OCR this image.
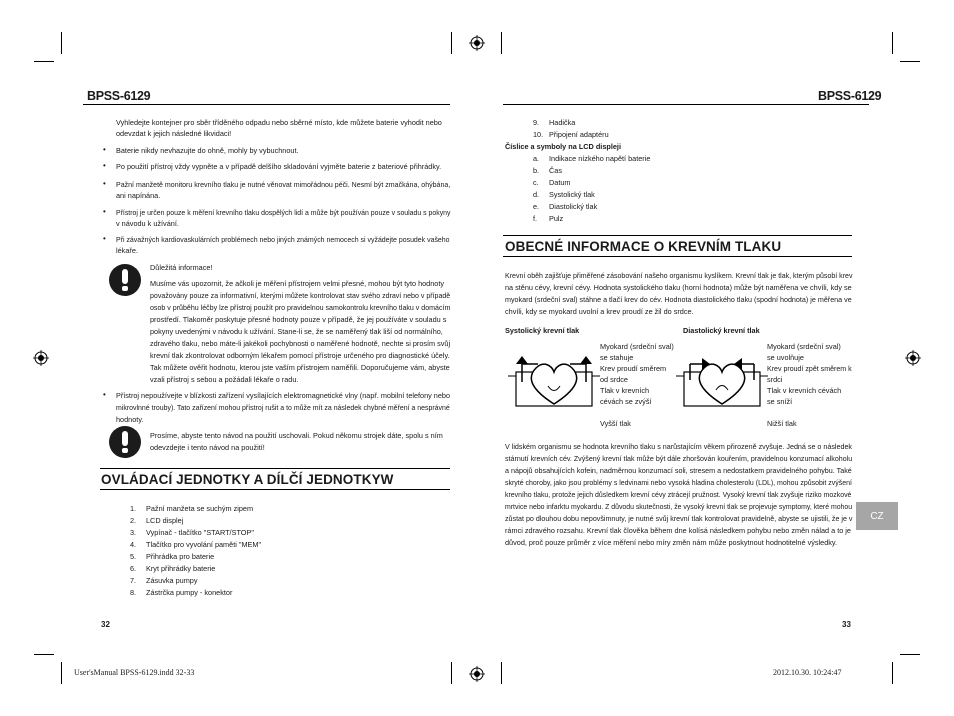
BPSS-6129	BPSS-6129
Vyhledejte kontejner pro sběr tříděného odpadu nebo sběrné místo, kde můžete baterie vyhodit nebo
odevzdat k jejich následné likvidaci!
• Baterie nikdy nevhazujte do ohně, mohly by vybuchnout.
• Po použití přístroj vždy vypněte a v případě delšího skladování vyjměte baterie z bateriové přihrádky.
• Pažní manžetě monitoru krevního tlaku je nutné věnovat mimořádnou péči. Nesmí být zmačkána, ohýbána,
ani napínána.
• Přístroj je určen pouze k měření krevního tlaku dospělých lidí a může být používán pouze v souladu s pokyny
v návodu k užívání.
• Při závažných kardiovaskulárních problémech nebo jiných známých nemocech si vyžádejte posudek vašeho
lékaře.
Důležitá informace!
Musíme vás upozornit, že ačkoli je měření přístrojem velmi přesné, mohou být tyto hodnoty
považovány pouze za informativní, kterými můžete kontrolovat stav svého zdraví nebo v případě
osob v průběhu léčby lze přístroj použít pro pravidelnou samokontrolu krevního tlaku v domácím
prostředí. Tlakoměr poskytuje přesné hodnoty pouze v případě, že jej používáte v souladu s
pokyny uvedenými v návodu k užívání. Stane-li se, že se naměřený tlak liší od normálního,
zdravého tlaku, nebo máte-li jakékoli pochybnosti o naměřené hodnotě, nechte si prosím svůj
krevní tlak zkontrolovat odborným lékařem pomocí přístroje určeného pro diagnostické účely.
Tak můžete ověřit hodnotu, kterou jste vaším přístrojem naměřili. Doporučujeme vám, abyste
vzali přístroj s sebou a požádali lékaře o radu.
• Přístroj nepoužívejte v blízkosti zařízení vysílajících elektromagnetické vlny (např. mobilní telefony nebo
mikrovlnné trouby). Tato zařízení mohou přístroj rušit a to může mít za následek chybné měření a nesprávné
hodnoty.
Prosíme, abyste tento návod na použití uschovali. Pokud někomu strojek dáte, spolu s ním
odevzdejte i tento návod na použití!
OVLÁDACÍ JEDNOTKY A DÍLČÍ JEDNOTKYW
1. Pažní manžeta se suchým zipem
2. LCD displej
3. Vypínač - tlačítko "START/STOP"
4. Tlačítko pro vyvolání paměti "MEM"
5. Přihrádka pro baterie
6. Kryt přihrádky baterie
7. Zásuvka pumpy
8. Zástrčka pumpy - konektor
32
9. Hadička
10. Připojení adaptéru
Číslice a symboly na LCD displeji
a. Indikace nízkého napětí baterie
b. Čas
c. Datum
d. Systolický tlak
e. Diastolický tlak
f. Pulz
OBECNÉ INFORMACE O KREVNÍM TLAKU
Krevní oběh zajišťuje přiměřené zásobování našeho organismu kyslíkem. Krevní tlak je tlak, kterým působí krev
na stěnu cévy, krevní cévy. Hodnota systolického tlaku (horní hodnota) může být naměřena ve chvíli, kdy se
myokard (srdeční sval) stáhne a tlačí krev do cév. Hodnota diastolického tlaku (spodní hodnota) je měřena ve
chvíli, kdy se myokard uvolní a krev proudí ze žil do srdce.
Systolický krevní tlak	Diastolický krevní tlak
Myokard (srdeční sval)
se stahuje
Krev proudí směrem
od srdce
Tlak v krevních
cévách se zvýší
Vyšší tlak
Myokard (srdeční sval)
se uvolňuje
Krev proudí zpět směrem k
srdci
Tlak v krevních cévách
se sníží
Nižší tlak
V lidském organismu se hodnota krevního tlaku s narůstajícím věkem přirozeně zvyšuje. Jedná se o následek
stárnutí krevních cév. Zvýšený krevní tlak může být dále zhoršován kouřením, pravidelnou konzumací alkoholu
a nápojů obsahujících kofein, nadměrnou konzumací soli, stresem a nedostatkem pravidelného pohybu. Také
skryté choroby, jako jsou problémy s ledvinami nebo vysoká hladina cholesterolu (LDL), mohou způsobit zvýšení
krevního tlaku, protože jejich důsledkem krevní cévy ztrácejí pružnost. Vysoký krevní tlak zvyšuje riziko mozkové
mrtvice nebo infarktu myokardu. Z důvodu skutečnosti, že vysoký krevní tlak se projevuje symptomy, které mohou
zůstat po dlouhou dobu nepovšimnuty, je nutné svůj krevní tlak kontrolovat pravidelně, abyste se ujistili, že je v
rámci zdravého rozsahu. Krevní tlak člověka během dne kolísá následkem pohybu nebo změn nálad a to je
důvod, proč pouze průměr z více měření nebo míry změn nám může poskytnout hodnotitelné výsledky.
CZ
33
User'sManual BPSS-6129.indd 32-33	2012.10.30. 10:24:47
